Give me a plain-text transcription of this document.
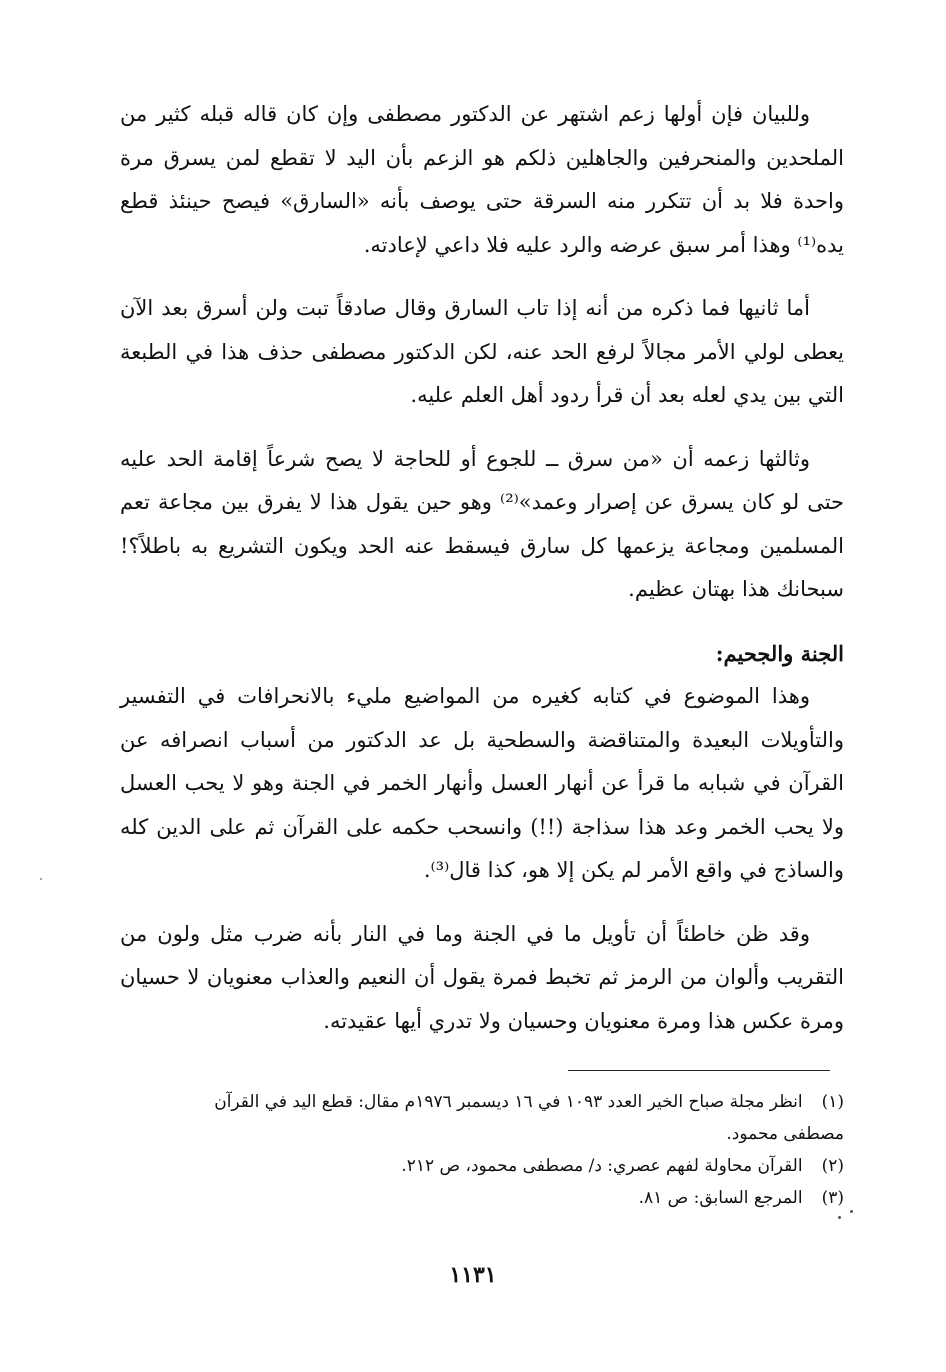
وللبيان فإن أولها زعم اشتهر عن الدكتور مصطفى وإن كان قاله قبله كثير من الملحدين والمنحرفين والجاهلين ذلكم هو الزعم بأن اليد لا تقطع لمن يسرق مرة واحدة فلا بد أن تتكرر منه السرقة حتى يوصف بأنه «السارق» فيصح حينئذ قطع يده⁽¹⁾ وهذا أمر سبق عرضه والرد عليه فلا داعي لإعادته.

أما ثانيها فما ذكره من أنه إذا تاب السارق وقال صادقاً تبت ولن أسرق بعد الآن يعطى لولي الأمر مجالاً لرفع الحد عنه، لكن الدكتور مصطفى حذف هذا في الطبعة التي بين يدي لعله بعد أن قرأ ردود أهل العلم عليه.

وثالثها زعمه أن «من سرق ــ للجوع أو للحاجة لا يصح شرعاً إقامة الحد عليه حتى لو كان يسرق عن إصرار وعمد»⁽²⁾ وهو حين يقول هذا لا يفرق بين مجاعة تعم المسلمين ومجاعة يزعمها كل سارق فيسقط عنه الحد ويكون التشريع به باطلاً؟! سبحانك هذا بهتان عظيم.

الجنة والجحيم:

وهذا الموضوع في كتابه كغيره من المواضيع مليء بالانحرافات في التفسير والتأويلات البعيدة والمتناقضة والسطحية بل عد الدكتور من أسباب انصرافه عن القرآن في شبابه ما قرأ عن أنهار العسل وأنهار الخمر في الجنة وهو لا يحب العسل ولا يحب الخمر وعد هذا سذاجة (!!) وانسحب حكمه على القرآن ثم على الدين كله والساذج في واقع الأمر لم يكن إلا هو، كذا قال⁽³⁾.

وقد ظن خاطئاً أن تأويل ما في الجنة وما في النار بأنه ضرب مثل ولون من التقريب وألوان من الرمز ثم تخبط فمرة يقول أن النعيم والعذاب معنويان لا حسيان ومرة عكس هذا ومرة معنويان وحسيان ولا تدري أيها عقيدته.

(١) انظر مجلة صباح الخير العدد ١٠٩٣ في ١٦ ديسمبر ١٩٧٦م مقال: قطع اليد في القرآن

مصطفى محمود.

(٢) القرآن محاولة لفهم عصري: د/ مصطفى محمود، ص ٢١٢.

(٣) المرجع السابق: ص ٨١.

١١٣١
